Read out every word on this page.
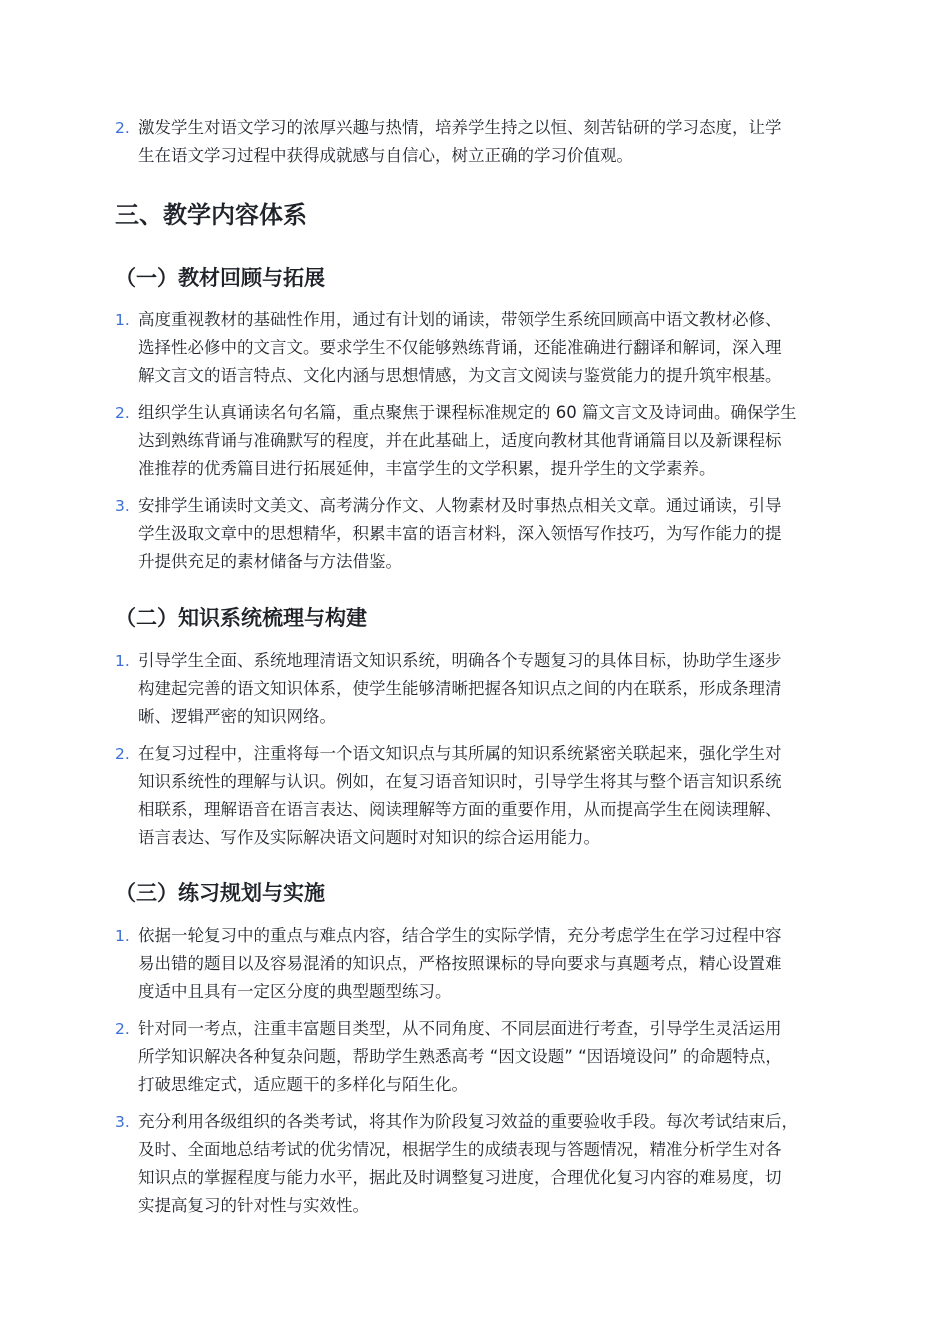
2. 激发学生对语文学习的浓厚兴趣与热情，培养学生持之以恒、刻苦钻研的学习态度，让学
生在语文学习过程中获得成就感与自信心，树立正确的学习价值观。
三、教学内容体系
（一）教材回顾与拓展
1. 高度重视教材的基础性作用，通过有计划的诵读，带领学生系统回顾高中语文教材必修、
选择性必修中的文言文。要求学生不仅能够熟练背诵，还能准确进行翻译和解词，深入理
解文言文的语言特点、文化内涵与思想情感，为文言文阅读与鉴赏能力的提升筑牢根基。
2. 组织学生认真诵读名句名篇，重点聚焦于课程标准规定的 60 篇文言文及诗词曲。确保学生
达到熟练背诵与准确默写的程度，并在此基础上，适度向教材其他背诵篇目以及新课程标
准推荐的优秀篇目进行拓展延伸，丰富学生的文学积累，提升学生的文学素养。
3. 安排学生诵读时文美文、高考满分作文、人物素材及时事热点相关文章。通过诵读，引导
学生汲取文章中的思想精华，积累丰富的语言材料，深入领悟写作技巧，为写作能力的提
升提供充足的素材储备与方法借鉴。
（二）知识系统梳理与构建
1. 引导学生全面、系统地理清语文知识系统，明确各个专题复习的具体目标，协助学生逐步
构建起完善的语文知识体系，使学生能够清晰把握各知识点之间的内在联系，形成条理清
晰、逻辑严密的知识网络。
2. 在复习过程中，注重将每一个语文知识点与其所属的知识系统紧密关联起来，强化学生对
知识系统性的理解与认识。例如，在复习语音知识时，引导学生将其与整个语言知识系统
相联系，理解语音在语言表达、阅读理解等方面的重要作用，从而提高学生在阅读理解、
语言表达、写作及实际解决语文问题时对知识的综合运用能力。
（三）练习规划与实施
1. 依据一轮复习中的重点与难点内容，结合学生的实际学情，充分考虑学生在学习过程中容
易出错的题目以及容易混淆的知识点，严格按照课标的导向要求与真题考点，精心设置难
度适中且具有一定区分度的典型题型练习。
2. 针对同一考点，注重丰富题目类型，从不同角度、不同层面进行考查，引导学生灵活运用
所学知识解决各种复杂问题，帮助学生熟悉高考 “因文设题” “因语境设问” 的命题特点，
打破思维定式，适应题干的多样化与陌生化。
3. 充分利用各级组织的各类考试，将其作为阶段复习效益的重要验收手段。每次考试结束后，
及时、全面地总结考试的优劣情况，根据学生的成绩表现与答题情况，精准分析学生对各
知识点的掌握程度与能力水平，据此及时调整复习进度，合理优化复习内容的难易度，切
实提高复习的针对性与实效性。
